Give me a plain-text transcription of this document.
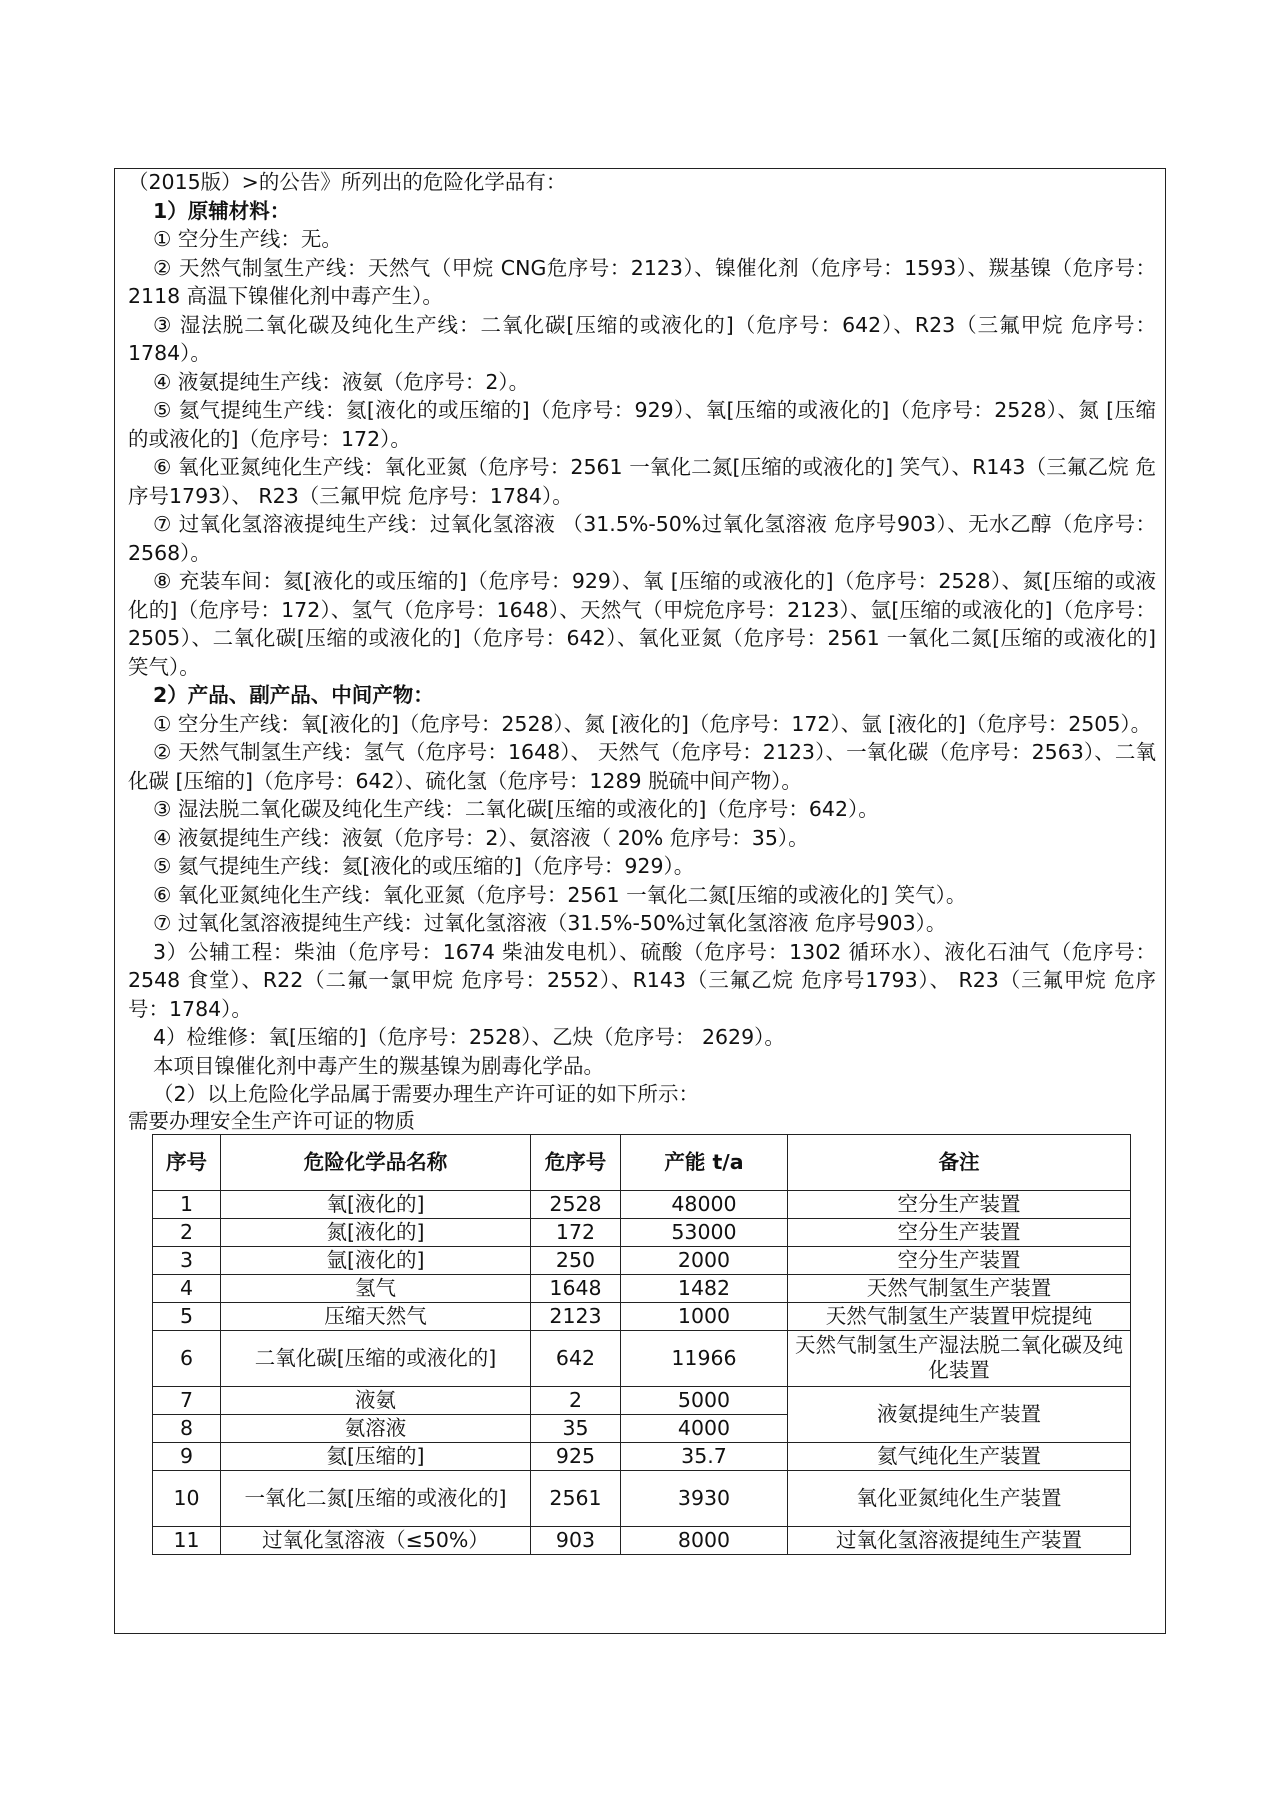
（2015版）>的公告》所列出的危险化学品有：

1）原辅材料：

① 空分生产线：无。

② 天然气制氢生产线：天然气（甲烷 CNG危序号：2123）、镍催化剂（危序号：1593）、羰基镍（危序号：2118 高温下镍催化剂中毒产生）。

③ 湿法脱二氧化碳及纯化生产线：二氧化碳[压缩的或液化的]（危序号：642）、R23（三氟甲烷 危序号：1784）。

④ 液氨提纯生产线：液氨（危序号：2）。

⑤ 氦气提纯生产线：氦[液化的或压缩的]（危序号：929）、氧[压缩的或液化的]（危序号：2528）、氮 [压缩的或液化的]（危序号：172）。

⑥ 氧化亚氮纯化生产线：氧化亚氮（危序号：2561 一氧化二氮[压缩的或液化的] 笑气）、R143（三氟乙烷 危序号1793）、 R23（三氟甲烷 危序号：1784）。

⑦ 过氧化氢溶液提纯生产线：过氧化氢溶液 （31.5%-50%过氧化氢溶液 危序号903）、无水乙醇（危序号：2568）。

⑧ 充装车间：氦[液化的或压缩的]（危序号：929）、氧 [压缩的或液化的]（危序号：2528）、氮[压缩的或液化的]（危序号：172）、氢气（危序号：1648）、天然气（甲烷危序号：2123）、氩[压缩的或液化的]（危序号：2505）、二氧化碳[压缩的或液化的]（危序号：642）、氧化亚氮（危序号：2561 一氧化二氮[压缩的或液化的] 笑气）。

2）产品、副产品、中间产物：

① 空分生产线：氧[液化的]（危序号：2528）、氮 [液化的]（危序号：172）、氩 [液化的]（危序号：2505）。

② 天然气制氢生产线：氢气（危序号：1648）、 天然气（危序号：2123）、一氧化碳（危序号：2563）、二氧化碳 [压缩的]（危序号：642）、硫化氢（危序号：1289 脱硫中间产物）。

③ 湿法脱二氧化碳及纯化生产线：二氧化碳[压缩的或液化的]（危序号：642）。

④ 液氨提纯生产线：液氨（危序号：2）、氨溶液（ 20% 危序号：35）。

⑤ 氦气提纯生产线：氦[液化的或压缩的]（危序号：929）。

⑥ 氧化亚氮纯化生产线：氧化亚氮（危序号：2561 一氧化二氮[压缩的或液化的] 笑气）。

⑦ 过氧化氢溶液提纯生产线：过氧化氢溶液（31.5%-50%过氧化氢溶液 危序号903）。

3）公辅工程：柴油（危序号：1674 柴油发电机）、硫酸（危序号：1302 循环水）、液化石油气（危序号：2548 食堂）、R22（二氟一氯甲烷 危序号：2552）、R143（三氟乙烷 危序号1793）、 R23（三氟甲烷 危序号：1784）。

4）检维修：氧[压缩的]（危序号：2528）、乙炔（危序号： 2629）。

本项目镍催化剂中毒产生的羰基镍为剧毒化学品。

（2）以上危险化学品属于需要办理生产许可证的如下所示：

需要办理安全生产许可证的物质

序号	危险化学品名称	危序号	产能 t/a	备注
1	氧[液化的]	2528	48000	空分生产装置
2	氮[液化的]	172	53000	空分生产装置
3	氩[液化的]	250	2000	空分生产装置
4	氢气	1648	1482	天然气制氢生产装置
5	压缩天然气	2123	1000	天然气制氢生产装置甲烷提纯
6	二氧化碳[压缩的或液化的]	642	11966	天然气制氢生产湿法脱二氧化碳及纯化装置
7	液氨	2	5000	液氨提纯生产装置
8	氨溶液	35	4000	
9	氦[压缩的]	925	35.7	氦气纯化生产装置
10	一氧化二氮[压缩的或液化的]	2561	3930	氧化亚氮纯化生产装置
11	过氧化氢溶液（≤50%）	903	8000	过氧化氢溶液提纯生产装置
